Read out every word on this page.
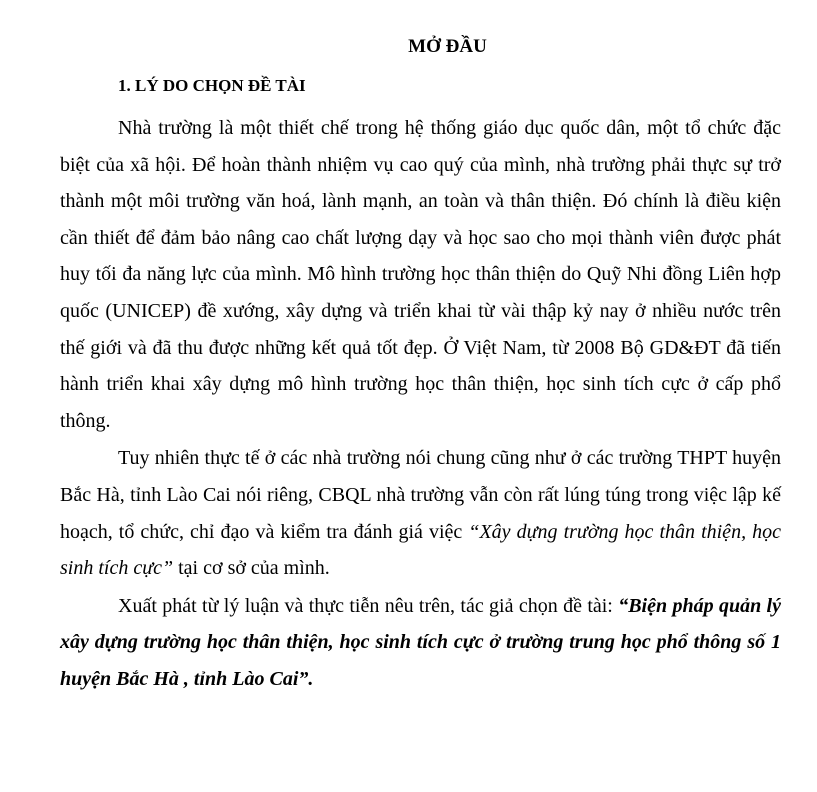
MỞ ĐẦU
1. LÝ DO CHỌN ĐỀ TÀI

Nhà trường là một thiết chế trong hệ thống giáo dục quốc dân, một tổ chức đặc biệt của xã hội. Để hoàn thành nhiệm vụ cao quý của mình, nhà trường phải thực sự trở thành một môi trường văn hoá, lành mạnh, an toàn và thân thiện. Đó chính là điều kiện cần thiết để đảm bảo nâng cao chất lượng dạy và học sao cho mọi thành viên được phát huy tối đa năng lực của mình. Mô hình trường học thân thiện do Quỹ Nhi đồng Liên hợp quốc (UNICEP) đề xướng, xây dựng và triển khai từ vài thập kỷ nay ở nhiều nước trên thế giới và đã thu được những kết quả tốt đẹp. Ở Việt Nam, từ 2008 Bộ GD&ĐT đã tiến hành triển khai xây dựng mô hình trường học thân thiện, học sinh tích cực ở cấp phổ thông.

Tuy nhiên thực tế ở các nhà trường nói chung cũng như ở các trường THPT huyện Bắc Hà, tỉnh Lào Cai nói riêng, CBQL nhà trường vẫn còn rất lúng túng trong việc lập kế hoạch, tổ chức, chỉ đạo và kiểm tra đánh giá việc “Xây dựng trường học thân thiện, học sinh tích cực” tại cơ sở của mình.

Xuất phát từ lý luận và thực tiễn nêu trên, tác giả chọn đề tài: “Biện pháp quản lý xây dựng trường học thân thiện, học sinh tích cực ở trường trung học phổ thông số 1 huyện Bắc Hà , tỉnh Lào Cai”.
